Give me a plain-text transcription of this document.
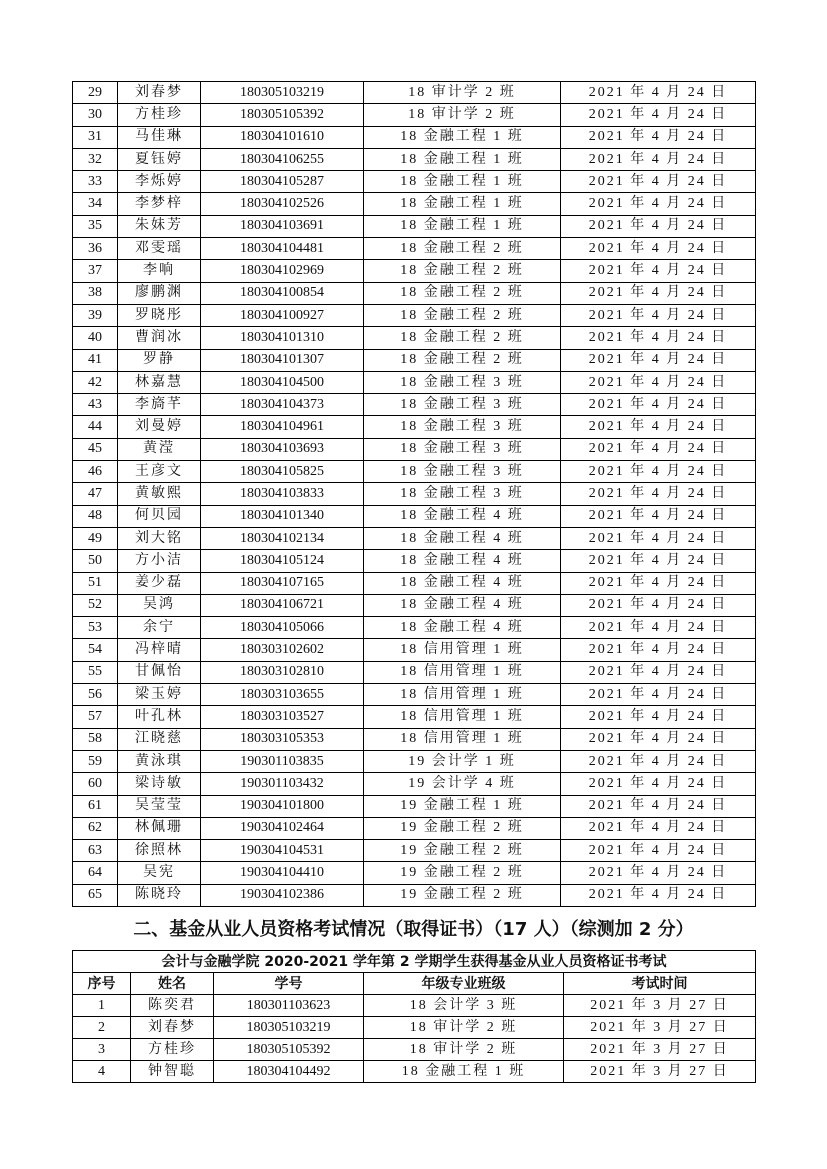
29	刘春梦	180305103219	18 审计学 2 班	2021 年 4 月 24 日
30	方桂珍	180305105392	18 审计学 2 班	2021 年 4 月 24 日
31	马佳琳	180304101610	18 金融工程 1 班	2021 年 4 月 24 日
32	夏钰婷	180304106255	18 金融工程 1 班	2021 年 4 月 24 日
33	李烁婷	180304105287	18 金融工程 1 班	2021 年 4 月 24 日
34	李梦梓	180304102526	18 金融工程 1 班	2021 年 4 月 24 日
35	朱妹芳	180304103691	18 金融工程 1 班	2021 年 4 月 24 日
36	邓雯瑶	180304104481	18 金融工程 2 班	2021 年 4 月 24 日
37	李响	180304102969	18 金融工程 2 班	2021 年 4 月 24 日
38	廖鹏渊	180304100854	18 金融工程 2 班	2021 年 4 月 24 日
39	罗晓彤	180304100927	18 金融工程 2 班	2021 年 4 月 24 日
40	曹润冰	180304101310	18 金融工程 2 班	2021 年 4 月 24 日
41	罗静	180304101307	18 金融工程 2 班	2021 年 4 月 24 日
42	林嘉慧	180304104500	18 金融工程 3 班	2021 年 4 月 24 日
43	李旖芊	180304104373	18 金融工程 3 班	2021 年 4 月 24 日
44	刘曼婷	180304104961	18 金融工程 3 班	2021 年 4 月 24 日
45	黄滢	180304103693	18 金融工程 3 班	2021 年 4 月 24 日
46	王彦文	180304105825	18 金融工程 3 班	2021 年 4 月 24 日
47	黄敏熙	180304103833	18 金融工程 3 班	2021 年 4 月 24 日
48	何贝园	180304101340	18 金融工程 4 班	2021 年 4 月 24 日
49	刘大铭	180304102134	18 金融工程 4 班	2021 年 4 月 24 日
50	方小洁	180304105124	18 金融工程 4 班	2021 年 4 月 24 日
51	姜少磊	180304107165	18 金融工程 4 班	2021 年 4 月 24 日
52	吴鸿	180304106721	18 金融工程 4 班	2021 年 4 月 24 日
53	余宁	180304105066	18 金融工程 4 班	2021 年 4 月 24 日
54	冯梓晴	180303102602	18 信用管理 1 班	2021 年 4 月 24 日
55	甘佩怡	180303102810	18 信用管理 1 班	2021 年 4 月 24 日
56	梁玉婷	180303103655	18 信用管理 1 班	2021 年 4 月 24 日
57	叶孔林	180303103527	18 信用管理 1 班	2021 年 4 月 24 日
58	江晓慈	180303105353	18 信用管理 1 班	2021 年 4 月 24 日
59	黄泳琪	190301103835	19 会计学 1 班	2021 年 4 月 24 日
60	梁诗敏	190301103432	19 会计学 4 班	2021 年 4 月 24 日
61	吴莹莹	190304101800	19 金融工程 1 班	2021 年 4 月 24 日
62	林佩珊	190304102464	19 金融工程 2 班	2021 年 4 月 24 日
63	徐照林	190304104531	19 金融工程 2 班	2021 年 4 月 24 日
64	吴宪	190304104410	19 金融工程 2 班	2021 年 4 月 24 日
65	陈晓玲	190304102386	19 金融工程 2 班	2021 年 4 月 24 日
二、基金从业人员资格考试情况（取得证书）（17 人）（综测加 2 分）
会计与金融学院 2020-2021 学年第 2 学期学生获得基金从业人员资格证书考试				
序号	姓名	学号	年级专业班级	考试时间
1	陈奕君	180301103623	18 会计学 3 班	2021 年 3 月 27 日
2	刘春梦	180305103219	18 审计学 2 班	2021 年 3 月 27 日
3	方桂珍	180305105392	18 审计学 2 班	2021 年 3 月 27 日
4	钟智聪	180304104492	18 金融工程 1 班	2021 年 3 月 27 日
